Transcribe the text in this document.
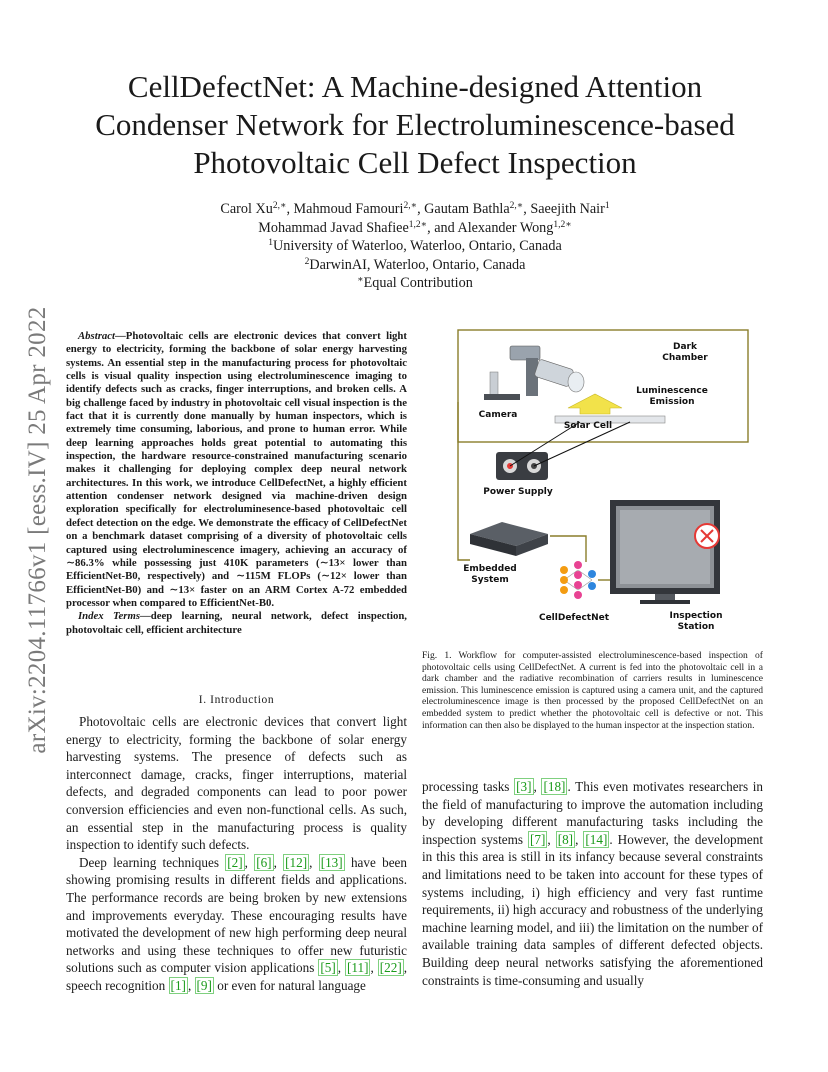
arXiv:2204.11766v1 [eess.IV] 25 Apr 2022
CellDefectNet: A Machine-designed Attention
Condenser Network for Electroluminescence-based
Photovoltaic Cell Defect Inspection
Carol $Xu^{2,∗}$, Mahmoud Famouri$^{2,∗}$, Gautam Bathla$^{2,∗}$, Saeejith Nair$^1$
Mohammad Javad Shafiee$^{1,2∗}$, and Alexander Wong$^{1,2∗}$
$^1$University of Waterloo, Waterloo, Ontario, Canada
$^2$DarwinAI, Waterloo, Ontario, Canada
∗Equal Contribution

Abstract—Photovoltaic cells are electronic devices that convert light energy to electricity, forming the backbone of solar energy harvesting systems. An essential step in the manufacturing process for photovoltaic cells is visual quality inspection using electroluminescence imaging to identify defects such as cracks, finger interruptions, and broken cells. A big challenge faced by industry in photovoltaic cell visual inspection is the fact that it is currently done manually by human inspectors, which is extremely time consuming, laborious, and prone to human error. While deep learning approaches holds great potential to automating this inspection, the hardware resource-constrained manufacturing scenario makes it challenging for deploying complex deep neural network architectures. In this work, we introduce CellDefectNet, a highly efficient attention condenser network designed via machine-driven design exploration specifically for electroluminesence-based photovoltaic cell defect detection on the edge. We demonstrate the efficacy of CellDefectNet on a benchmark dataset comprising of a diversity of photovoltaic cells captured using electroluminescence imagery, achieving an accuracy of ∼86.3% while possessing just 410K parameters (∼13× lower than EfficientNet-B0, respectively) and ∼115M FLOPs (∼12× lower than EfficientNet-B0) and ∼13× faster on an ARM Cortex A-72 embedded processor when compared to EfficientNet-B0.

Index Terms—deep learning, neural network, defect inspection, photovoltaic cell, efficient architecture

I. Introduction

Photovoltaic cells are electronic devices that convert light energy to electricity, forming the backbone of solar energy harvesting systems. The presence of defects such as interconnect damage, cracks, finger interruptions, material defects, and degraded components can lead to poor power conversion efficiencies and even non-functional cells. As such, an essential step in the manufacturing process is quality inspection to identify such defects.

Deep learning techniques [2] , [6] , [12] , [13] have been showing promising results in different fields and applications. The performance records are being broken by new extensions and improvements everyday. These encouraging results have motivated the development of new high performing deep neural networks and using these techniques to offer new futuristic solutions such as computer vision applications [5] , [11] , [22] , speech recognition [1] , [9] or even for natural language

Dark
Chamber
Luminescence
Emission
Camera
Solar Cell
Power Supply
Embedded
System
CellDefectNet	Inspection
Station
Fig. 1. Workflow for computer-assisted electroluminescence-based inspection of photovoltaic cells using CellDefectNet. A current is fed into the photovoltaic cell in a dark chamber and the radiative recombination of carriers results in luminescence emission. This luminescence emission is captured using a camera unit, and the captured electroluminescence image is then processed by the proposed CellDefectNet on an embedded system to predict whether the photovoltaic cell is defective or not. This information can then also be displayed to the human inspector at the inspection station.

processing tasks [3] , [18] . This even motivates researchers in the field of manufacturing to improve the automation including by developing different manufacturing tasks including the inspection systems [7] , [8] , [14] . However, the development in this this area is still in its infancy because several constraints and limitations need to be taken into account for these types of systems including, i) high efficiency and very fast runtime requirements, ii) high accuracy and robustness of the underlying machine learning model, and iii) the limitation on the number of available training data samples of different defected objects. Building deep neural networks satisfying the aforementioned constraints is time-consuming and usually
